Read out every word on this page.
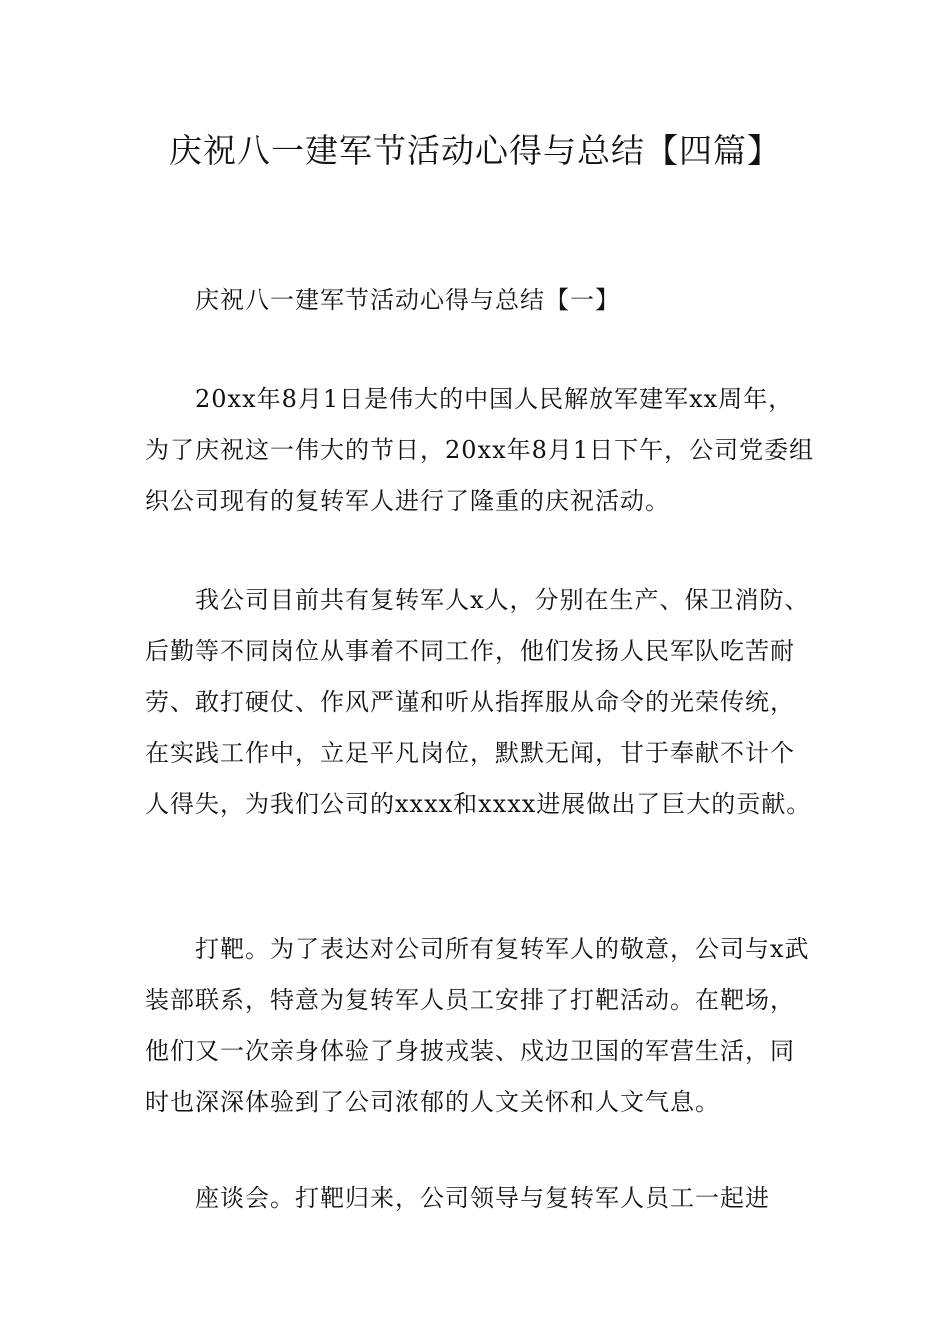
庆祝八一建军节活动心得与总结【四篇】

庆祝八一建军节活动心得与总结【一】

20xx年8月1日是伟大的中国人民解放军建军xx周年，为了庆祝这一伟大的节日，20xx年8月1日下午，公司党委组织公司现有的复转军人进行了隆重的庆祝活动。

我公司目前共有复转军人x人，分别在生产、保卫消防、后勤等不同岗位从事着不同工作，他们发扬人民军队吃苦耐劳、敢打硬仗、作风严谨和听从指挥服从命令的光荣传统，在实践工作中，立足平凡岗位，默默无闻，甘于奉献不计个人得失，为我们公司的xxxx和xxxx进展做出了巨大的贡献。

打靶。为了表达对公司所有复转军人的敬意，公司与x武装部联系，特意为复转军人员工安排了打靶活动。在靶场，他们又一次亲身体验了身披戎装、戍边卫国的军营生活，同时也深深体验到了公司浓郁的人文关怀和人文气息。

座谈会。打靶归来，公司领导与复转军人员工一起进
